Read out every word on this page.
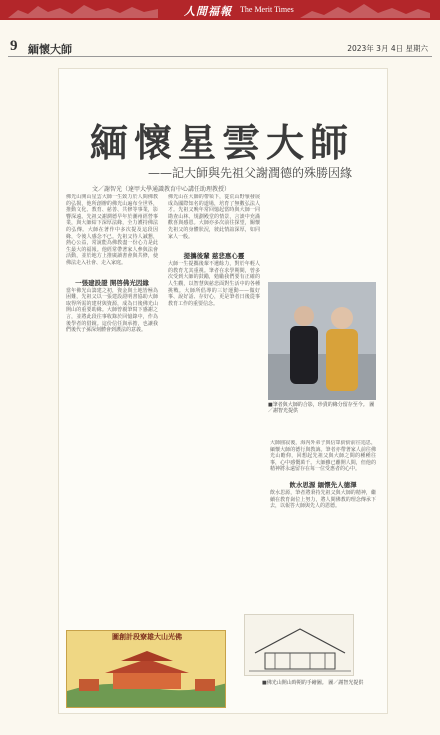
人間福報 The Merit Times
9 緬懷大師	2023年 3月 4日 星期六
緬懷星雲大師
——記大師與先祖父謝潤德的殊勝因緣
文／謝智光（達甲大學通識教育中心講任助理教授）

佛光山開山星雲大師一生致力於人間佛教的弘揚，他所創辦的佛光山遍布全世界，推動文化、教育、慈善、共修等事業，影響深遠。先祖父謝潤德早年於潮州經營事業，與大師結下深厚法緣，全力護持佛法的弘傳。大師在著作中多次提及這段因緣，令後人感念不已。先祖父待人誠懇，熱心公益，常說能為佛教盡一份心力是此生最大的福報。他經常帶著家人參與法會活動，並於地方上推廣讀書會與共修，使佛法走入社會、走入家庭。

一張建設證 開啓佛光因緣

當年佛光山籌建之初，資金與土地皆極為困難，先祖父以一張建設證明書協助大師取得所需的建材與資源，成為日後佛光山開山的重要助緣。大師曾親筆寫下感謝之言，並將此段往事收錄於回憶錄中，作為後學者的借鏡。這份信任與承擔，也讓我們後代子孫深刻體會到護法的意義。

佛光山在大師的帶領下，從荒山野嶺發展成為國際知名的道場，培育了無數弘法人才。先祖父晚年常回憶起當時與大師一同勘查山林、規劃殿堂的情景，言談中充滿歡喜與感恩。大師亦多次前往探望，關懷先祖父的身體狀況，彼此情誼深厚，如同家人一般。

提攜後輩 慈悲惠心靈

大師一生提攜後輩不遺餘力，對於年輕人的教育尤其重視。筆者在求學期間，曾多次受到大師的鼓勵，勉勵我們要有正確的人生觀，以智慧與慈悲面對生活中的各種挑戰。大師所倡導的三好運動——做好事、說好話、存好心，更是筆者日後從事教育工作的重要信念。

■筆者與大師的合影，珍貴的緣分留存至今。 圖／謝智光提供

大師圓寂後，海內外弟子與信眾紛紛前往追思，緬懷大師的德行與教誨。筆者亦帶著家人前往佛光山瞻仰，回想起先祖父與大師之間的種種往事，心中感慨萬千。大師雖已離開人間，但他的精神將永遠留存在每一位受惠者的心中。

飲水思源 緬懷先人德澤

飲水思源，筆者將秉持先祖父與大師的精神，繼續在教育崗位上努力，將人間佛教的理念傳承下去，以報答大師與先人的恩德。

圖創計段寮雄大山光佛
■佛光山開山時期的手繪圖。 圖／謝智光提供
